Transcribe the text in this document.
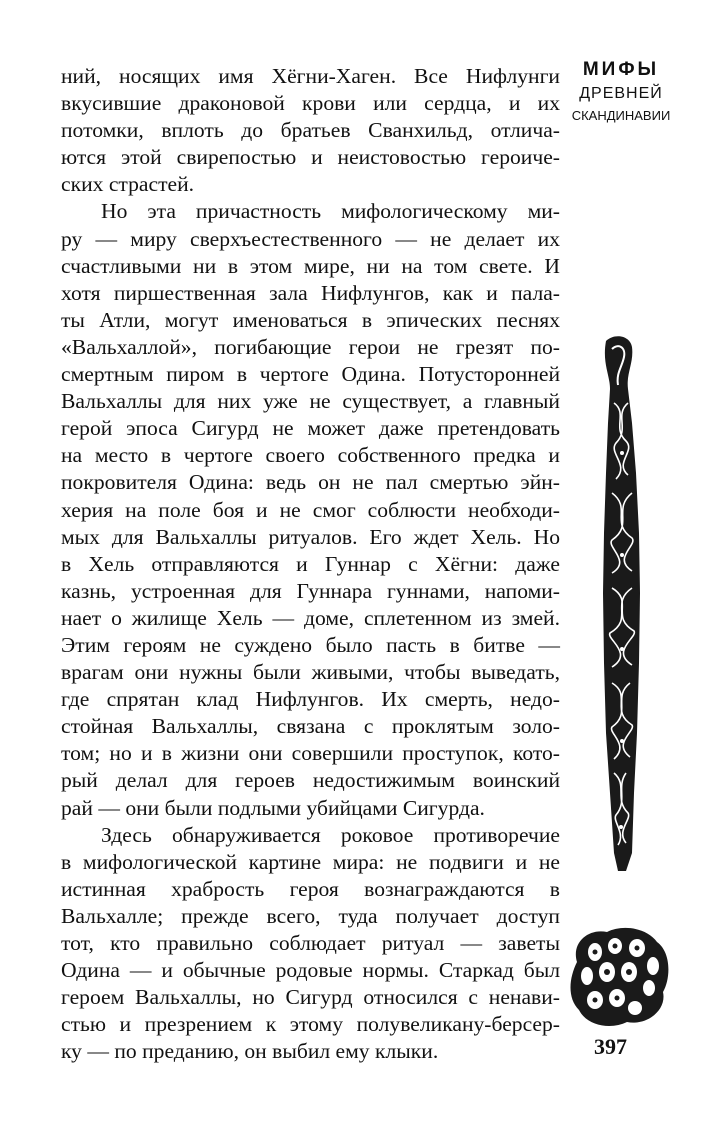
ний, носящих имя Хёгни-Хаген. Все Нифлунги
вкусившие драконовой крови или сердца, и их
потомки, вплоть до братьев Сванхильд, отлича-
ются этой свирепостью и неистовостью героиче-
ских страстей.
Но эта причастность мифологическому ми-
ру — миру сверхъестественного — не делает их
счастливыми ни в этом мире, ни на том свете. И
хотя пиршественная зала Нифлунгов, как и пала-
ты Атли, могут именоваться в эпических песнях
«Вальхаллой», погибающие герои не грезят по-
смертным пиром в чертоге Одина. Потусторонней
Вальхаллы для них уже не существует, а главный
герой эпоса Сигурд не может даже претендовать
на место в чертоге своего собственного предка и
покровителя Одина: ведь он не пал смертью эйн-
херия на поле боя и не смог соблюсти необходи-
мых для Вальхаллы ритуалов. Его ждет Хель. Но
в Хель отправляются и Гуннар с Хёгни: даже
казнь, устроенная для Гуннара гуннами, напоми-
нает о жилище Хель — доме, сплетенном из змей.
Этим героям не суждено было пасть в битве —
врагам они нужны были живыми, чтобы выведать,
где спрятан клад Нифлунгов. Их смерть, недо-
стойная Вальхаллы, связана с проклятым золо-
том; но и в жизни они совершили проступок, кото-
рый делал для героев недостижимым воинский
рай — они были подлыми убийцами Сигурда.
Здесь обнаруживается роковое противоречие
в мифологической картине мира: не подвиги и не
истинная храбрость героя вознаграждаются в
Вальхалле; прежде всего, туда получает доступ
тот, кто правильно соблюдает ритуал — заветы
Одина — и обычные родовые нормы. Старкад был
героем Вальхаллы, но Сигурд относился с ненави-
стью и презрением к этому полувеликану-берсер-
ку — по преданию, он выбил ему клыки.
МИФЫ
ДРЕВНЕЙ
СКАНДИНАВИИ
397
